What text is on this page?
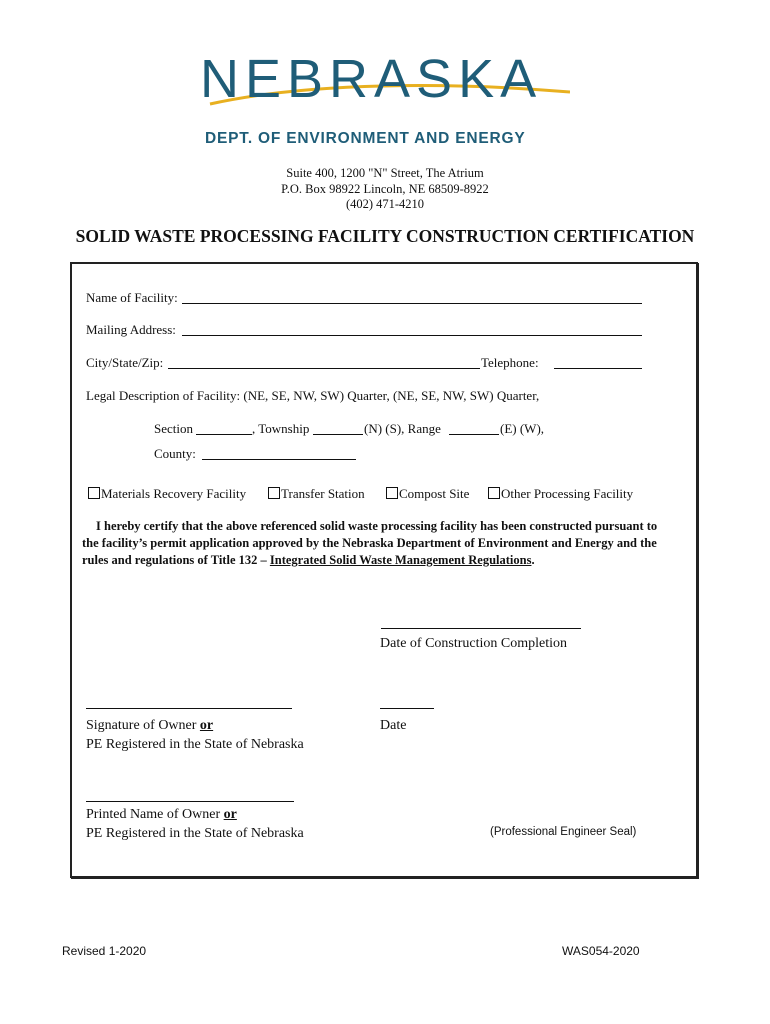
NEBRASKA
DEPT. OF ENVIRONMENT AND ENERGY
Suite 400, 1200 "N" Street, The Atrium
P.O. Box 98922 Lincoln, NE 68509-8922
(402) 471-4210
SOLID WASTE PROCESSING FACILITY CONSTRUCTION CERTIFICATION
Name of Facility:
Mailing Address:
City/State/Zip:	Telephone:
Legal Description of Facility: (NE, SE, NW, SW) Quarter, (NE, SE, NW, SW) Quarter,
Section	, Township	(N) (S), Range	(E) (W),
County:
Materials Recovery Facility	Transfer Station	Compost Site	Other Processing Facility
I hereby certify that the above referenced solid waste processing facility has been constructed pursuant to the facility’s permit application approved by the Nebraska Department of Environment and Energy and the rules and regulations of Title 132 – Integrated Solid Waste Management Regulations.
Date of Construction Completion
Signature of Owner or
PE Registered in the State of Nebraska
Date
Printed Name of Owner or
PE Registered in the State of Nebraska	(Professional Engineer Seal)
Revised 1-2020	WAS054-2020
